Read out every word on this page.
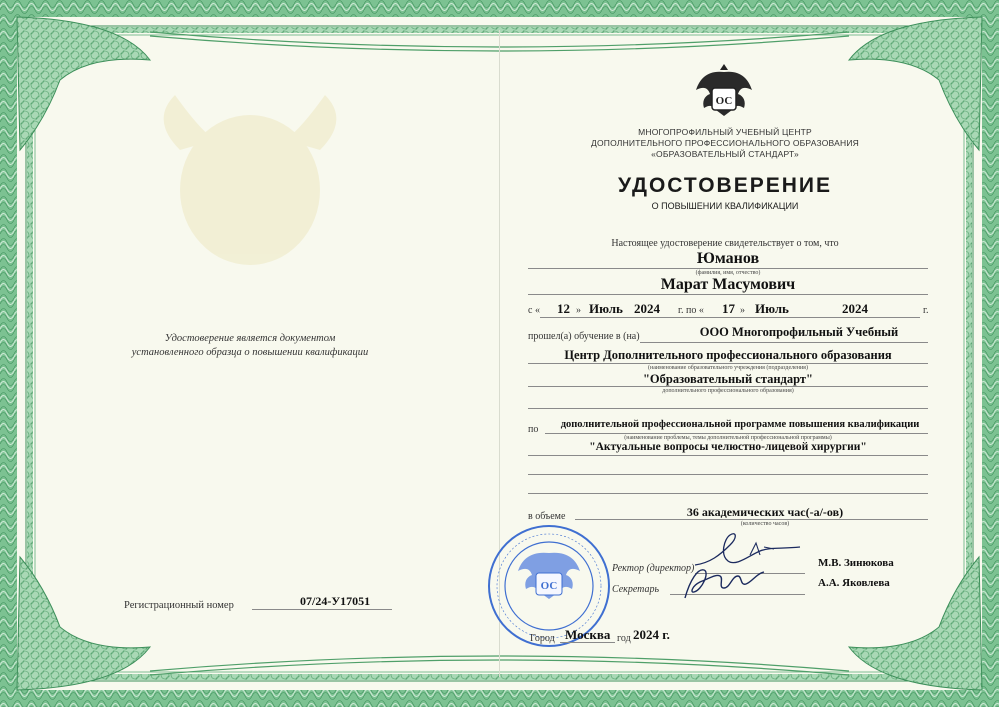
ОС
МНОГОПРОФИЛЬНЫЙ УЧЕБНЫЙ ЦЕНТР
ДОПОЛНИТЕЛЬНОГО ПРОФЕССИОНАЛЬНОГО ОБРАЗОВАНИЯ
«ОБРАЗОВАТЕЛЬНЫЙ СТАНДАРТ»
УДОСТОВЕРЕНИЕ
О ПОВЫШЕНИИ КВАЛИФИКАЦИИ
Настоящее удостоверение свидетельствует о том, что
Юманов
(фамилия, имя, отчество)
Марат Масумович
с « 12 » Июль 2024 г. по « 17 » Июль	2024	г.
прошел(а) обучение в (на)	ООО Многопрофильный Учебный
Центр Дополнительного профессионального образования
(наименование образовательного учреждения (подразделения)
"Образовательный стандарт"
дополнительного профессионального образования)
по	дополнительной профессиональной программе повышения квалификации
(наименование проблемы, темы дополнительной профессиональной программы)
"Актуальные вопросы челюстно-лицевой хирургии"
в объеме	36 академических час(-а/-ов)
(количество часов)
Ректор (директор)	М.В. Зинюкова
Секретарь
А.А. Яковлева
ОС
Город Москва год 2024 г.
Удостоверение является документом
установленного образца о повышении квалификации
Регистрационный номер	07/24-У17051
